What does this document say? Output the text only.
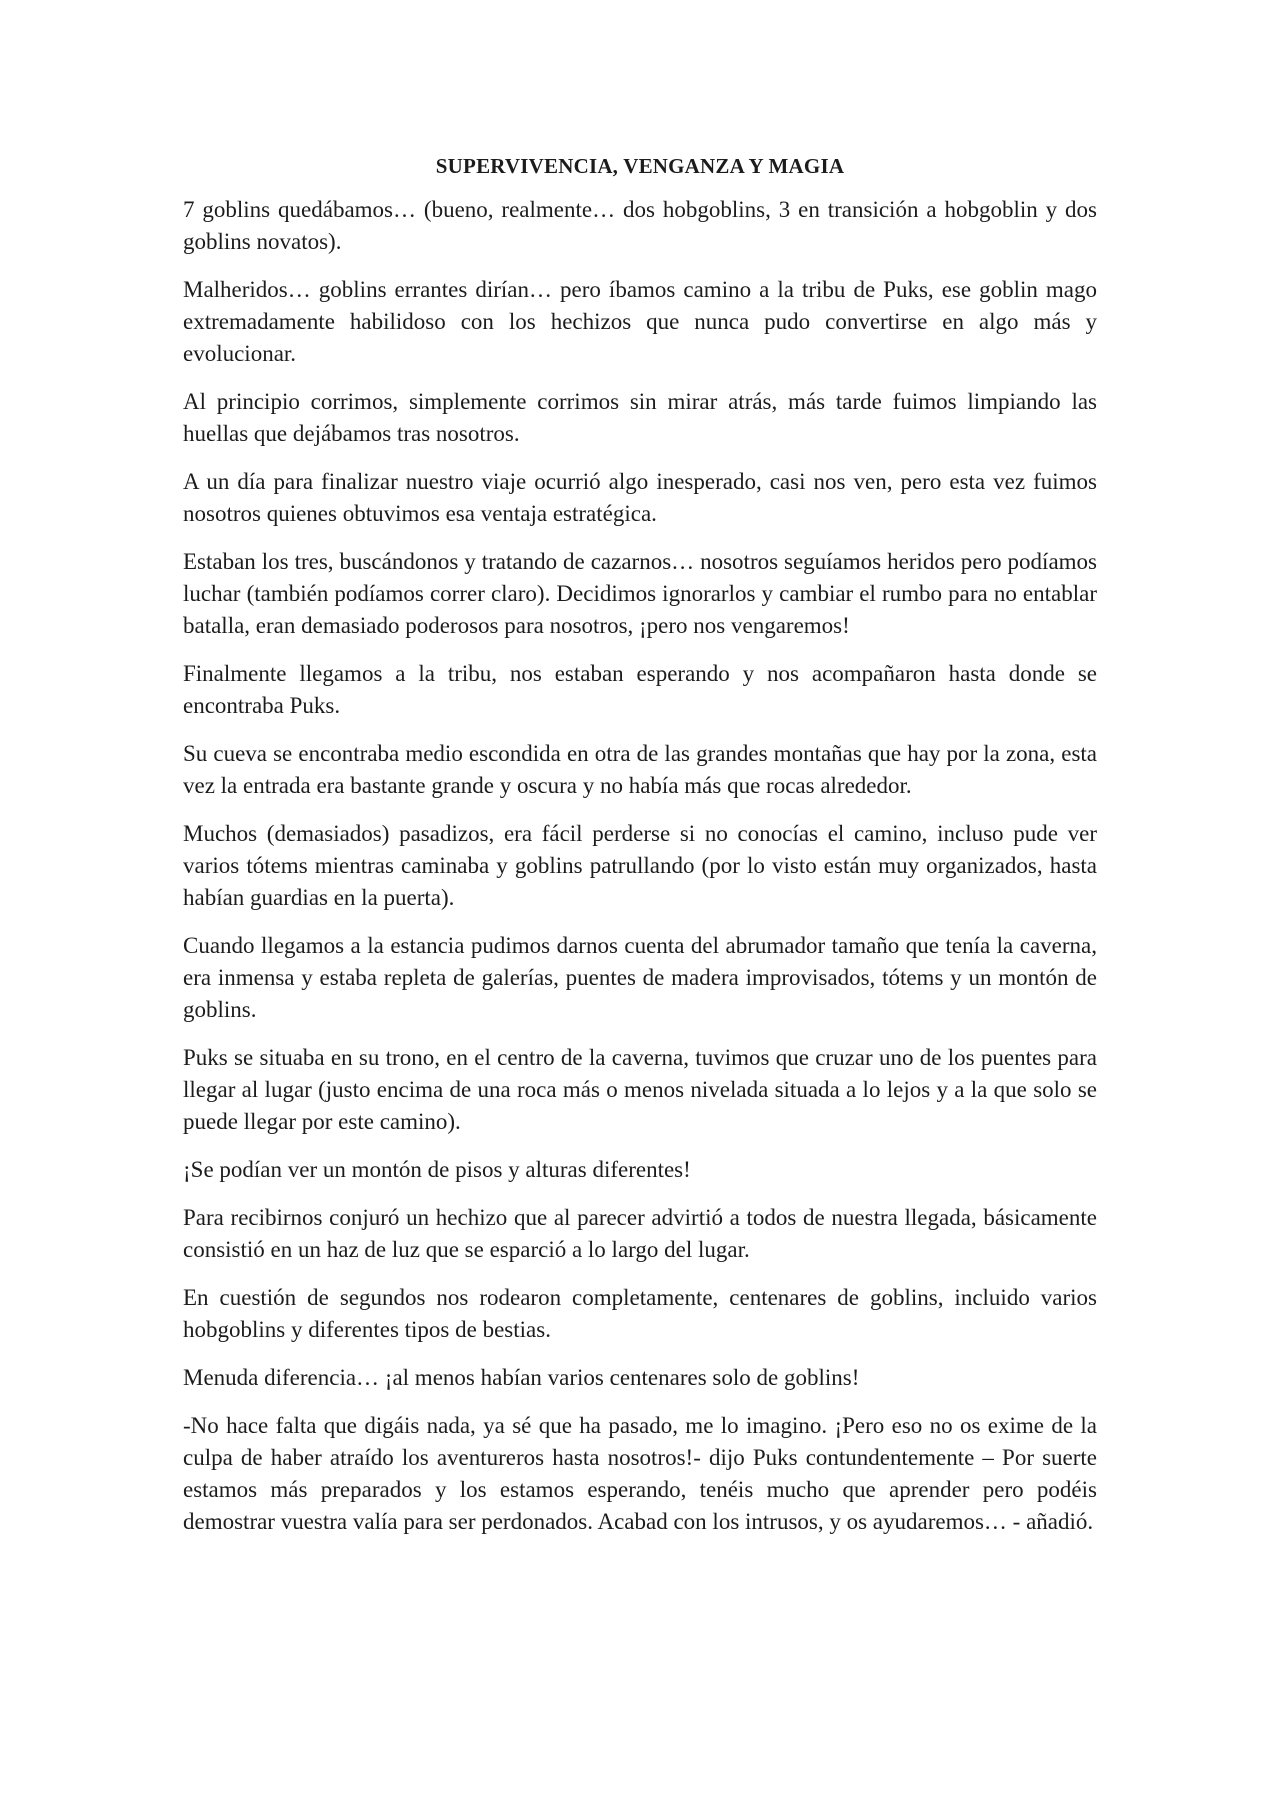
SUPERVIVENCIA, VENGANZA Y MAGIA

7 goblins quedábamos… (bueno, realmente… dos hobgoblins, 3 en transición a hobgoblin y dos goblins novatos).

Malheridos… goblins errantes dirían… pero íbamos camino a la tribu de Puks, ese goblin mago extremadamente habilidoso con los hechizos que nunca pudo convertirse en algo más y evolucionar.

Al principio corrimos, simplemente corrimos sin mirar atrás, más tarde fuimos limpiando las huellas que dejábamos tras nosotros.

A un día para finalizar nuestro viaje ocurrió algo inesperado, casi nos ven, pero esta vez fuimos nosotros quienes obtuvimos esa ventaja estratégica.

Estaban los tres, buscándonos y tratando de cazarnos… nosotros seguíamos heridos pero podíamos luchar (también podíamos correr claro). Decidimos ignorarlos y cambiar el rumbo para no entablar batalla, eran demasiado poderosos para nosotros, ¡pero nos vengaremos!

Finalmente llegamos a la tribu, nos estaban esperando y nos acompañaron hasta donde se encontraba Puks.

Su cueva se encontraba medio escondida en otra de las grandes montañas que hay por la zona, esta vez la entrada era bastante grande y oscura y no había más que rocas alrededor.

Muchos (demasiados) pasadizos, era fácil perderse si no conocías el camino, incluso pude ver varios tótems mientras caminaba y goblins patrullando (por lo visto están muy organizados, hasta habían guardias en la puerta).

Cuando llegamos a la estancia pudimos darnos cuenta del abrumador tamaño que tenía la caverna, era inmensa y estaba repleta de galerías, puentes de madera improvisados, tótems y un montón de goblins.

Puks se situaba en su trono, en el centro de la caverna, tuvimos que cruzar uno de los puentes para llegar al lugar (justo encima de una roca más o menos nivelada situada a lo lejos y a la que solo se puede llegar por este camino).

¡Se podían ver un montón de pisos y alturas diferentes!

Para recibirnos conjuró un hechizo que al parecer advirtió a todos de nuestra llegada, básicamente consistió en un haz de luz que se esparció a lo largo del lugar.

En cuestión de segundos nos rodearon completamente, centenares de goblins, incluido varios hobgoblins y diferentes tipos de bestias.

Menuda diferencia… ¡al menos habían varios centenares solo de goblins!

-No hace falta que digáis nada, ya sé que ha pasado, me lo imagino. ¡Pero eso no os exime de la culpa de haber atraído los aventureros hasta nosotros!- dijo Puks contundentemente – Por suerte estamos más preparados y los estamos esperando, tenéis mucho que aprender pero podéis demostrar vuestra valía para ser perdonados. Acabad con los intrusos, y os ayudaremos… - añadió.
